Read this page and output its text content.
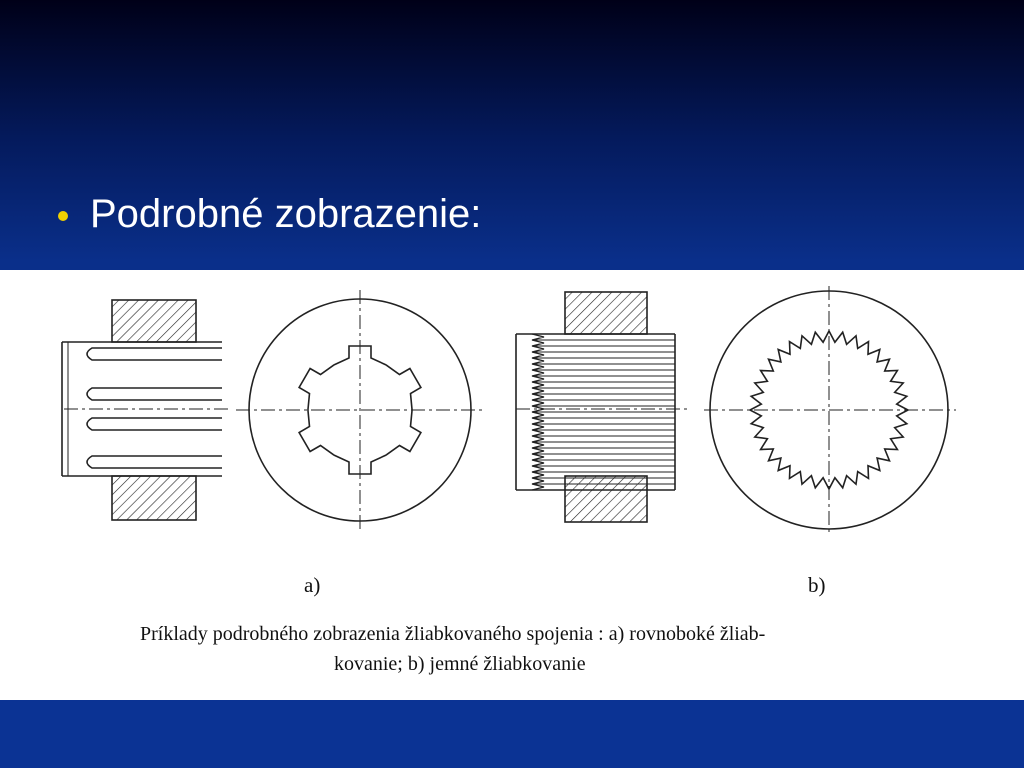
Podrobné zobrazenie:
a)	b)
Príklady podrobného zobrazenia žliabkovaného spojenia : a) rovnoboké žliab-
kovanie; b) jemné žliabkovanie
